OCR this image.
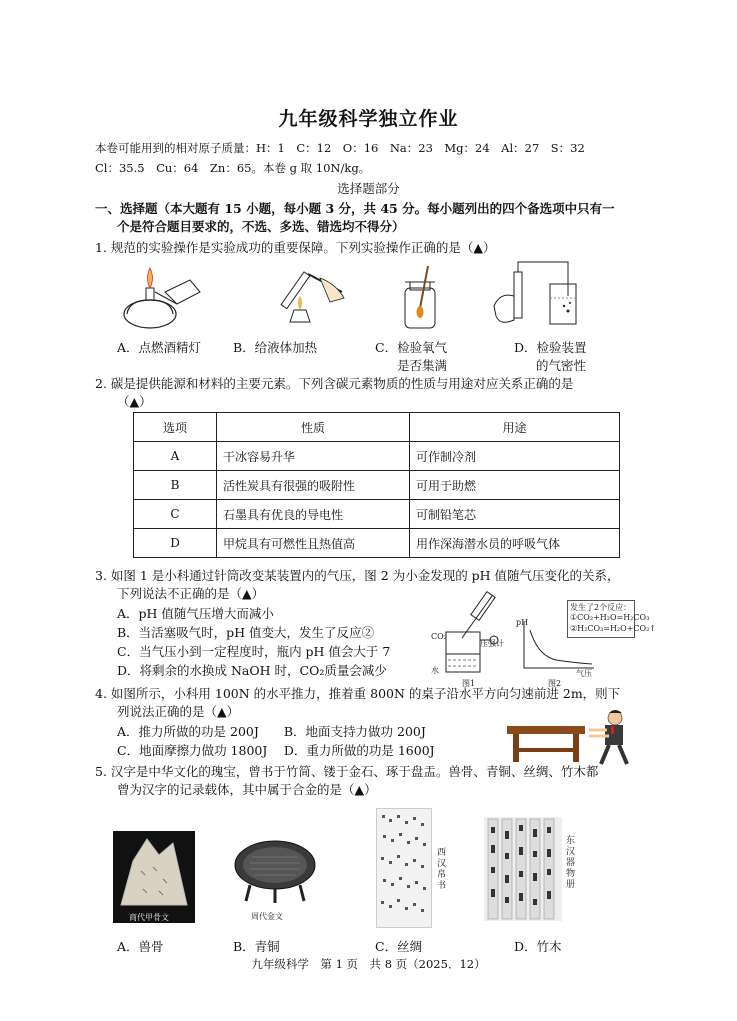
九年级科学独立作业
本卷可能用到的相对原子质量：H：1　C：12　O：16　Na：23　Mg：24　Al：27　S：32
Cl：35.5　Cu：64　Zn：65。本卷 g 取 10N/kg。
选择题部分
一、选择题（本大题有 15 小题，每小题 3 分，共 45 分。每小题列出的四个备选项中只有一
个是符合题目要求的，不选、多选、错选均不得分）
1. 规范的实验操作是实验成功的重要保障。下列实验操作正确的是（▲）
A．点燃酒精灯	B．给液体加热	C．检验氧气
是否集满
D．检验装置
的气密性
2. 碳是提供能源和材料的主要元素。下列含碳元素物质的性质与用途对应关系正确的是
（▲）
选项	性质	用途
A	干冰容易升华	可作制冷剂
B	活性炭具有很强的吸附性	可用于助燃
C	石墨具有优良的导电性	可制铅笔芯
D	甲烷具有可燃性且热值高	用作深海潜水员的呼吸气体
3. 如图 1 是小科通过针筒改变某装置内的气压，图 2 为小金发现的 pH 值随气压变化的关系，
下列说法不正确的是（▲）
A．pH 值随气压增大而减小
B．当活塞吸气时，pH 值变大，发生了反应②
C．当气压小到一定程度时，瓶内 pH 值会大于 7
D．将剩余的水换成 NaOH 时，CO₂质量会减少
CO₂
压强计
水
图1
pH
气压
图2
发生了2个反应：
①CO₂+H₂O=H₂CO₃
②H₂CO₃=H₂O+CO₂↑
4. 如图所示，小科用 100N 的水平推力，推着重 800N 的桌子沿水平方向匀速前进 2m，则下
列说法正确的是（▲）
A．推力所做的功是 200J　　B．地面支持力做功 200J
C．地面摩擦力做功 1800J　 D．重力所做的功是 1600J
5. 汉字是中华文化的瑰宝，曾书于竹简、镂于金石、琢于盘盂。兽骨、青铜、丝绸、竹木都
曾为汉字的记录载体，其中属于合金的是（▲）
商代甲骨文	周代金文
西汉帛书
东汉器物册
A．兽骨	B．青铜	C．丝绸	D．竹木
九年级科学　第 1 页　共 8 页（2025．12）
